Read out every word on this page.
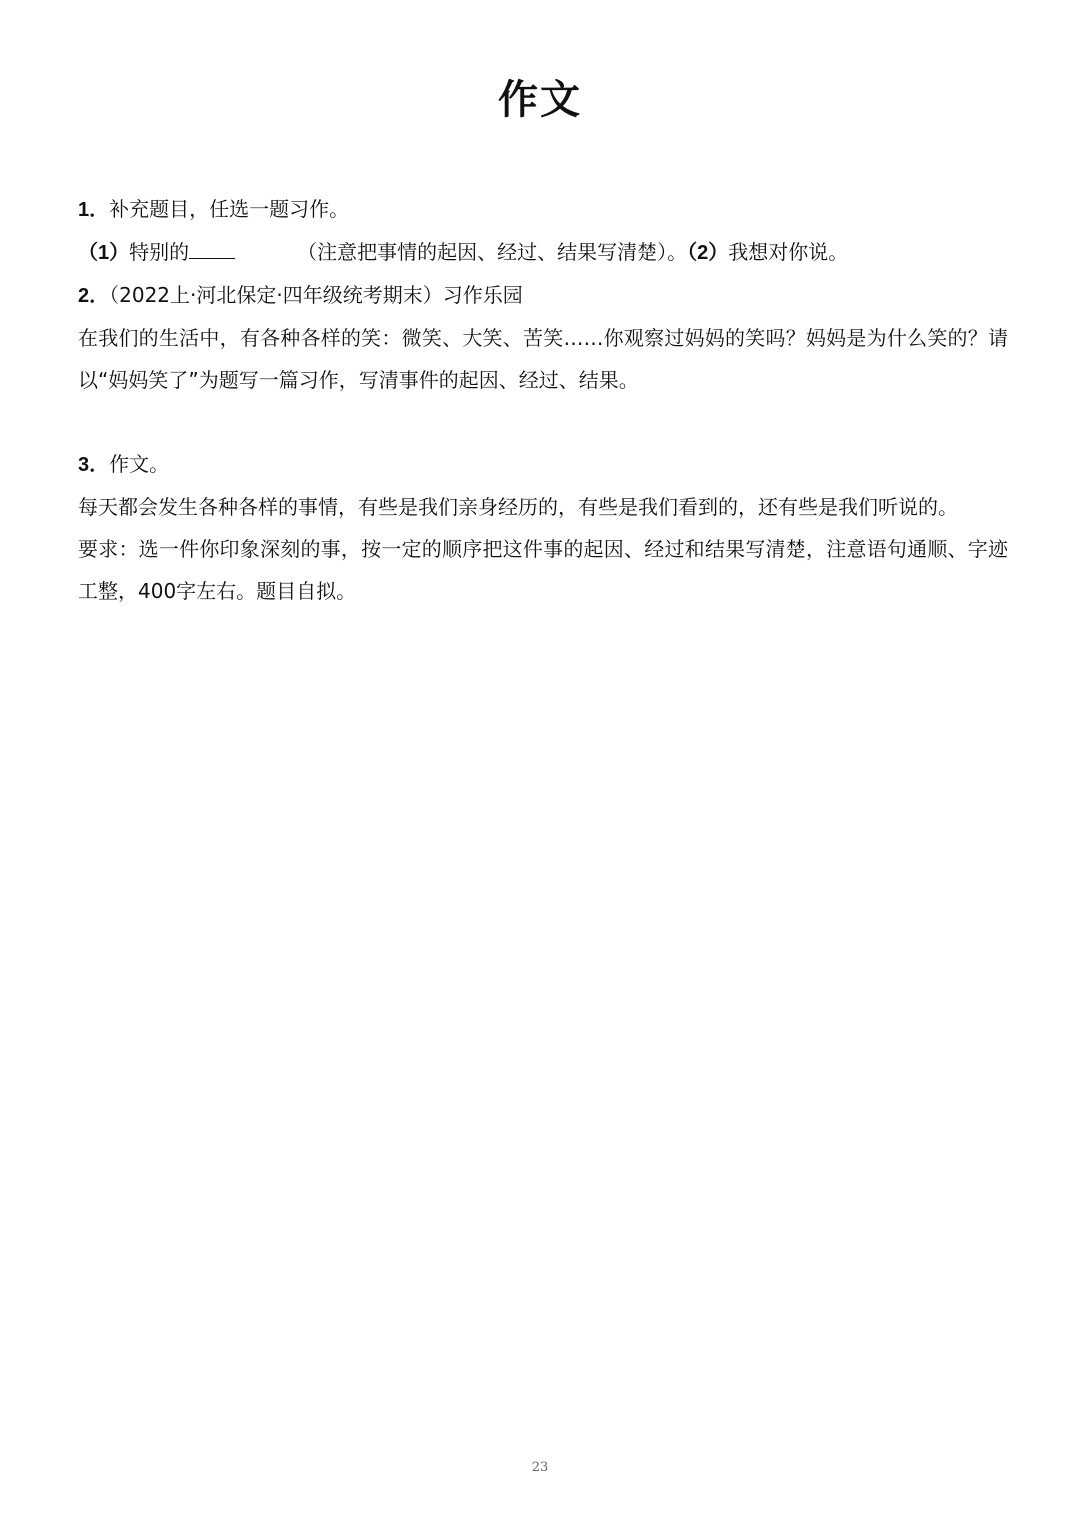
作文

1．补充题目，任选一题习作。

（1）特别的	（注意把事情的起因、经过、结果写清楚）。（2）我想对你说。

2．（2022上·河北保定·四年级统考期末）习作乐园

在我们的生活中，有各种各样的笑：微笑、大笑、苦笑……你观察过妈妈的笑吗？妈妈是为什么笑的？请以“妈妈笑了”为题写一篇习作，写清事件的起因、经过、结果。

3．作文。

每天都会发生各种各样的事情，有些是我们亲身经历的，有些是我们看到的，还有些是我们听说的。

要求：选一件你印象深刻的事，按一定的顺序把这件事的起因、经过和结果写清楚，注意语句通顺、字迹工整，400字左右。题目自拟。

23
